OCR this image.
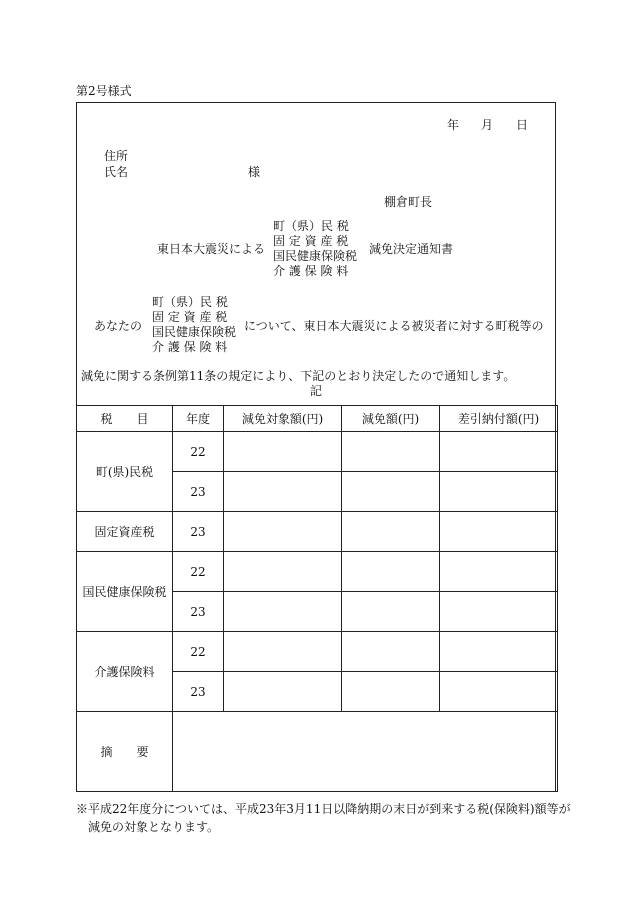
第2号様式
年 月 日
住所
氏名	様
棚倉町長
東日本大震災による
町（県）民 税
固 定 資 産 税
国民健康保険税
介 護 保 険 料
減免決定通知書
あなたの
町（県）民 税
固 定 資 産 税
国民健康保険税
介 護 保 険 料
について、東日本大震災による被災者に対する町税等の
減免に関する条例第11条の規定により、下記のとおり決定したので通知します。
記
税　　目	年度	減免対象額(円)	減免額(円)	差引納付額(円)
町(県)民税	22			
	23			
固定資産税	23			
国民健康保険税	22			
	23			
介護保険料	22			
	23			
摘　　要				
※平成22年度分については、平成23年3月11日以降納期の末日が到来する税(保険料)額等が
減免の対象となります。
